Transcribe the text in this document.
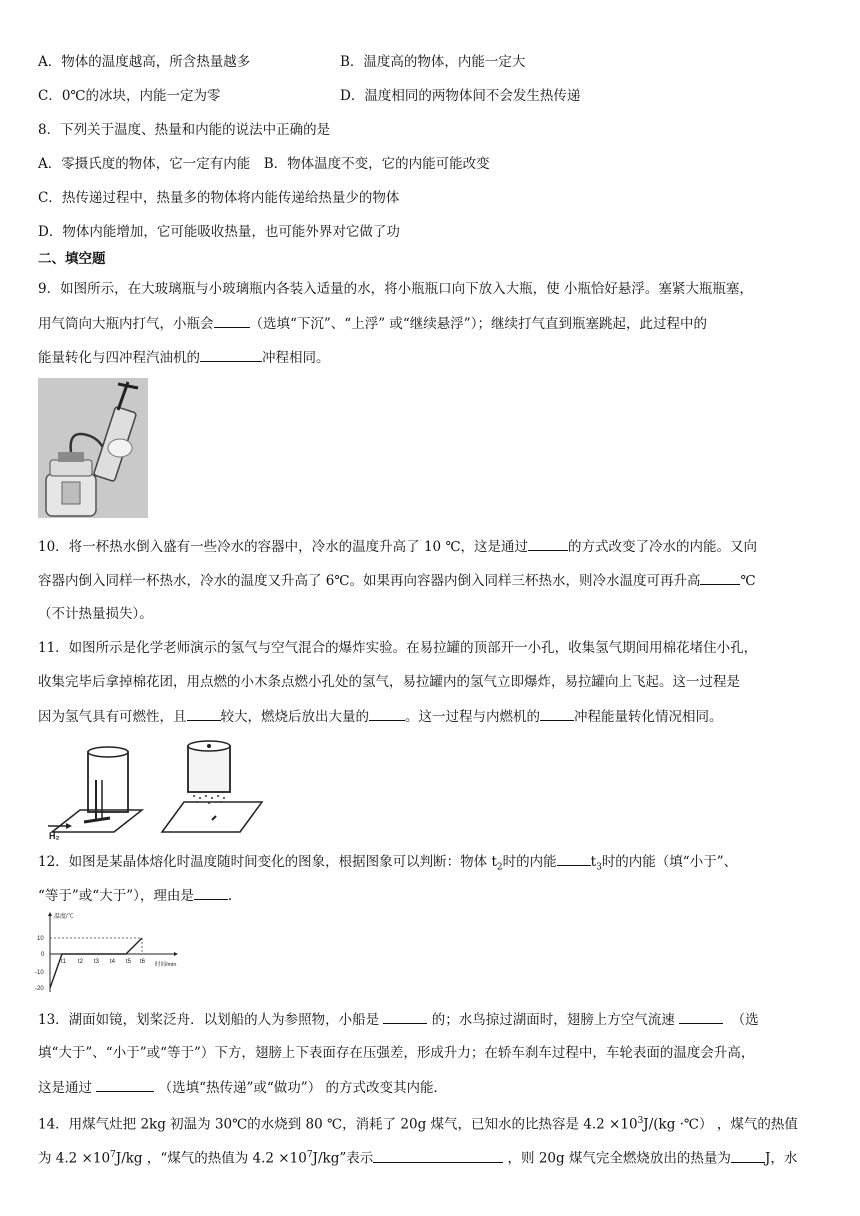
A．物体的温度越高，所含热量越多	B．温度高的物体，内能一定大
C．0℃的冰块，内能一定为零	D．温度相同的两物体间不会发生热传递
8．下列关于温度、热量和内能的说法中正确的是
A．零摄氏度的物体，它一定有内能　B．物体温度不变，它的内能可能改变
C．热传递过程中，热量多的物体将内能传递给热量少的物体
D．物体内能增加，它可能吸收热量，也可能外界对它做了功
二、填空题
9．如图所示，在大玻璃瓶与小玻璃瓶内各装入适量的水，将小瓶瓶口向下放入大瓶，使 小瓶恰好悬浮。塞紧大瓶瓶塞，
用气筒向大瓶内打气，小瓶会	（选填“下沉”、“上浮” 或“继续悬浮”）；继续打气直到瓶塞跳起，此过程中的
能量转化与四冲程汽油机的	冲程相同。
10．将一杯热水倒入盛有一些冷水的容器中，冷水的温度升高了 10 ℃，这是通过	的方式改变了冷水的内能。又向
容器内倒入同样一杯热水，冷水的温度又升高了 6℃。如果再向容器内倒入同样三杯热水，则冷水温度可再升高	℃
（不计热量损失）。
11．如图所示是化学老师演示的氢气与空气混合的爆炸实验。在易拉罐的顶部开一小孔，收集氢气期间用棉花堵住小孔，
收集完毕后拿掉棉花团，用点燃的小木条点燃小孔处的氢气，易拉罐内的氢气立即爆炸，易拉罐向上飞起。这一过程是
因为氢气具有可燃性，且	较大，燃烧后放出大量的	。这一过程与内燃机的	冲程能量转化情况相同。
H₂
12．如图是某晶体熔化时温度随时间变化的图象，根据图象可以判断：物体 $t_2$时的内能	$t_3$时的内能（填“小于”、
“等于”或“大于”），理由是	.
温度/℃
时间/min
10
0
-10
-20
t1 t2 t3 t4 t5 t6
13．湖面如镜，划桨泛舟．以划船的人为参照物，小船是	的；水鸟掠过湖面时，翅膀上方空气流速	（选
填“大于”、“小于”或“等于”）下方，翅膀上下表面存在压强差，形成升力；在轿车刹车过程中，车轮表面的温度会升高，
这是通过	（选填“热传递”或“做功”） 的方式改变其内能．
14．用煤气灶把 2kg 初温为 30℃的水烧到 80 ℃，消耗了 20g 煤气，已知水的比热容是 $4.2 \times 10^3J/(kg$ ·℃） ，煤气的热值
为 $4.2 \times 10^7J/kg$ ，“煤气的热值为 $4.2 \times 10^7J/kg$”表示	，则 20g 煤气完全燃烧放出的热量为	J，水
